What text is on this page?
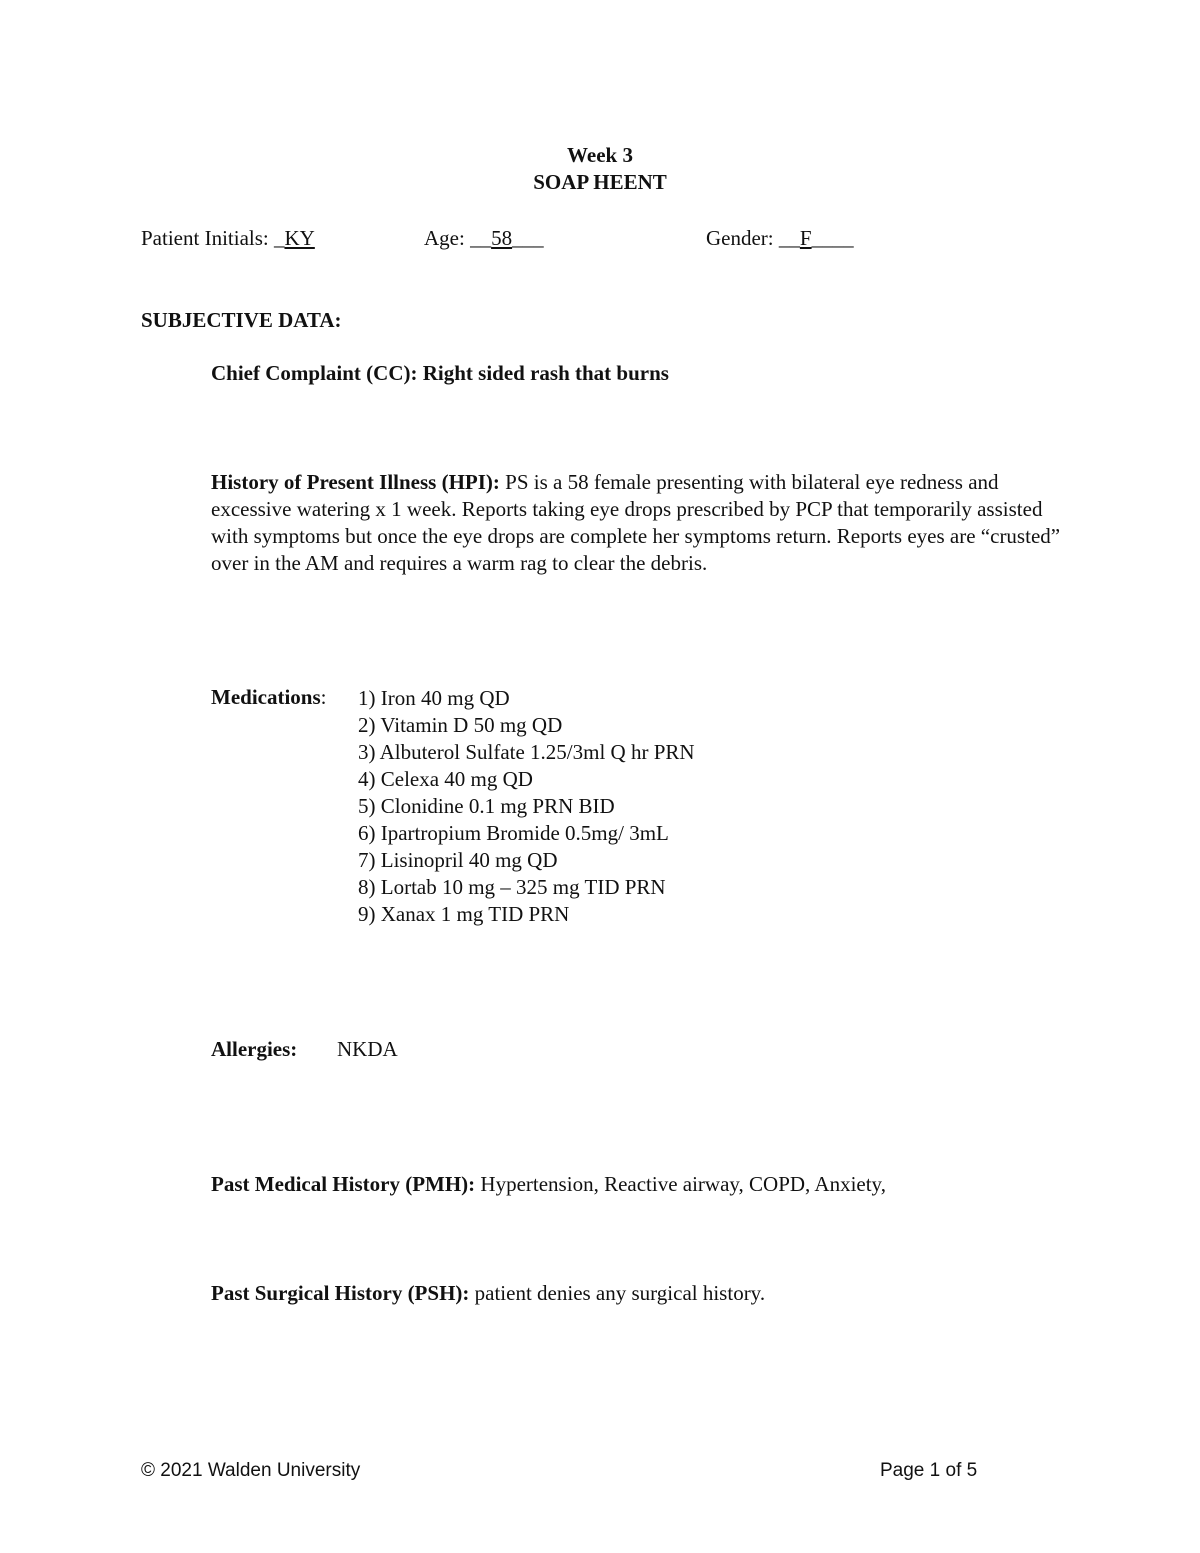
Week 3
SOAP HEENT
Patient Initials: _KY	Age: __58___	Gender: __F____
SUBJECTIVE DATA:
Chief Complaint (CC): Right sided rash that burns
History of Present Illness (HPI): PS is a 58 female presenting with bilateral eye redness and excessive watering x 1 week. Reports taking eye drops prescribed by PCP that temporarily assisted with symptoms but once the eye drops are complete her symptoms return. Reports eyes are “crusted” over in the AM and requires a warm rag to clear the debris.
Medications: 1) Iron 40 mg QD
2) Vitamin D 50 mg QD
3) Albuterol Sulfate 1.25/3ml Q hr PRN
4) Celexa 40 mg QD
5) Clonidine 0.1 mg PRN BID
6) Ipartropium Bromide 0.5mg/ 3mL
7) Lisinopril 40 mg QD
8) Lortab 10 mg – 325 mg TID PRN
9) Xanax 1 mg TID PRN
Allergies: NKDA
Past Medical History (PMH): Hypertension, Reactive airway, COPD, Anxiety,
Past Surgical History (PSH): patient denies any surgical history.
© 2021 Walden University	Page 1 of 5
